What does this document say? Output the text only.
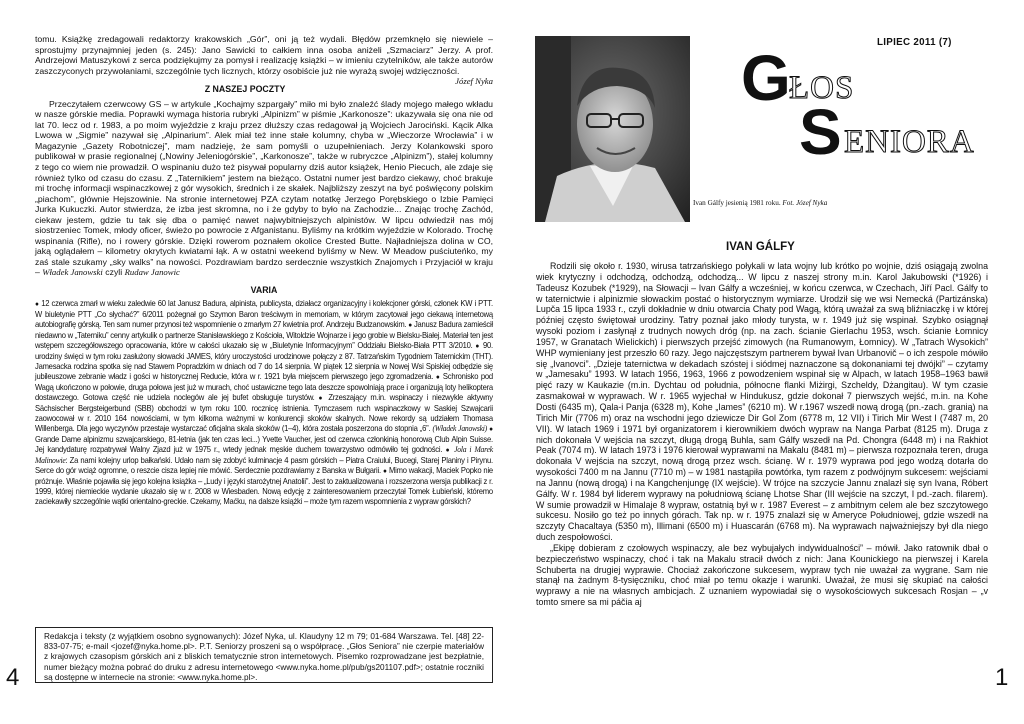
tomu. Książkę zredagowali redaktorzy krakowskich „Gór”, oni ją też wydali. Błędów przemknęło się niewiele – sprostujmy przynajmniej jeden (s. 245): Jano Sawicki to całkiem inna osoba aniżeli „Szmaciarz” Jerzy. A prof. Andrzejowi Matuszykowi z serca podziękujmy za pomysł i realizację książki – w imieniu czytelników, ale także autorów zaszczyconych przywołaniami, szczególnie tych licznych, którzy osobiście już nie wyrażą swojej wdzięczności.
Józef Nyka

Z NASZEJ POCZTY

Przeczytałem czerwcowy GS – w artykule „Kochajmy szpargały” miło mi było znaleźć ślady mojego małego wkładu w nasze górskie media. Poprawki wymaga historia rubryki „Alpinizm” w piśmie „Karkonosze”: ukazywała się ona nie od lat 70. lecz od r. 1983, a po moim wyjeździe z kraju przez dłuższy czas redagował ją Wojciech Jarociński. Kącik Alka Lwowa w „Sigmie” nazywał się „Alpinarium”. Alek miał też inne stałe kolumny, chyba w „Wieczorze Wrocławia” i w Magazynie „Gazety Robotniczej”, mam nadzieję, że sam pomyśli o uzupełnieniach. Jerzy Kolankowski sporo publikował w prasie regionalnej („Nowiny Jeleniogórskie”, „Karkonosze”, także w rubryczce „Alpinizm”), stałej kolumny z tego co wiem nie prowadził. O wspinaniu dużo też pisywał popularny dziś autor książek, Henio Piecuch, ale zdaje się również tylko od czasu do czasu. Z „Taternikiem” jestem na bieżąco. Ostatni numer jest bardzo ciekawy, choć brakuje mi trochę informacji wspinaczkowej z gór wysokich, średnich i ze skałek. Najbliższy zeszyt na być poświęcony polskim „piachom”, głównie Hejszowinie. Na stronie internetowej PZA czytam notatkę Jerzego Porębskiego o Izbie Pamięci Jurka Kukuczki. Autor stwierdza, że izba jest skromna, no i że gdyby to było na Zachodzie... Znając trochę Zachód, ciekaw jestem, gdzie tu tak się dba o pamięć nawet najwybitniejszych alpinistów. W lipcu odwiedził nas mój siostrzeniec Tomek, młody oficer, świeżo po powrocie z Afganistanu. Byliśmy na krótkim wyjeździe w Kolorado. Trochę wspinania (Rifle), no i rowery górskie. Dzięki rowerom poznałem okolice Crested Butte. Najładniejsza dolina w CO, jaką oglądałem – kilometry okrytych kwiatami łąk. A w ostatni weekend byliśmy w New. W Meadow puściuteńko, my zaś stale szukamy „sky walks” na nowości. Pozdrawiam bardzo serdecznie wszystkich Znajomych i Przyjaciół w kraju – Władek Janowski czyli Rudaw Janowic

VARIA
● 12 czerwca zmarł w wieku zaledwie 60 lat Janusz Badura, alpinista, publicysta, działacz organizacyjny i kolekcjoner górski, członek KW i PTT. W biuletynie PTT „Co słychać?” 6/2011 pożegnał go Szymon Baron treściwym in memoriam, w którym zacytował jego ciekawą internetową autobiografię górską. Ten sam numer przynosi też wspomnienie o zmarłym 27 kwietnia prof. Andrzeju Budzanowskim. ● Janusz Badura zamieścił niedawno w „Taterniku” cenny artykulik o partnerze Stanisławskiego z Kościoła, Witoldzie Wojnarze i jego grobie w Bielsku-Białej. Materiał ten jest wstępem szczegółowszego opracowania, które w całości ukazało się w „Biuletynie Informacyjnym” Oddziału Bielsko-Biała PTT 3/2010. ● 90. urodziny święci w tym roku zasłużony słowacki JAMES, który uroczystości urodzinowe połączy z 87. Tatrzańskim Tygodniem Taternickim (THT). Jamesacka rodzina spotka się nad Stawem Popradzkim w dniach od 7 do 14 sierpnia. W piątek 12 sierpnia w Nowej Wsi Spiskiej odbędzie się jubileuszowe zebranie władz i gości w historycznej Reducie, która w r. 1921 była miejscem pierwszego jego zgromadzenia. ● Schronisko pod Wagą ukończono w połowie, druga połowa jest już w murach, choć ustawiczne tego lata deszcze spowolniają prace i organizują loty helikoptera dostawczego. Gotowa część nie udziela noclegów ale jej bufet obsługuje turystów. ● Zrzeszający m.in. wspinaczy i niezwykle aktywny Sächsischer Bergsteigerbund (SBB) obchodzi w tym roku 100. rocznicę istnienia. Tymczasem ruch wspinaczkowy w Saskiej Szwajcarii zaowocował w r. 2010 164 nowościami, w tym kilkoma ważnymi w konkurencji skoków skalnych. Nowe rekordy są udziałem Thomasa Willenberga. Dla jego wyczynów przestaje wystarczać oficjalna skala skoków (1–4), która została poszerzona do stopnia „6”. (Władek Janowski) ● Grande Dame alpinizmu szwajcarskiego, 81-letnia (jak ten czas leci...) Yvette Vaucher, jest od czerwca członkinią honorową Club Alpin Suisse. Jej kandydaturę rozpatrywał Walny Zjazd już w 1975 r., wtedy jednak męskie duchem towarzystwo odmówiło tej godności. ● Jola i Marek Malinowie: Za nami kolejny urlop bałkański. Udało nam się zdobyć kulminacje 4 pasm górskich – Piatra Craiului, Bucegi, Starej Planiny i Pirynu. Serce do gór wciąż ogromne, o reszcie cisza lepiej nie mówić. Serdecznie pozdrawiamy z Banska w Bułgarii. ● Mimo wakacji, Maciek Popko nie próżnuje. Właśnie pojawiła się jego kolejna książka – „Ludy i języki starożytnej Anatolii”. Jest to zaktualizowana i rozszerzona wersja publikacji z r. 1999, której niemieckie wydanie ukazało się w r. 2008 w Wiesbaden. Nową edycję z zainteresowaniem przeczytał Tomek Łubieński, któremo zaciekawiły szczególnie wątki orientalno-greckie. Czekamy, Maćku, na dalsze książki – może tym razem wspomnienia z wypraw górskich?
Redakcja i teksty (z wyjątkiem osobno sygnowanych): Józef Nyka, ul. Klaudyny 12 m 79; 01-684 Warszawa. Tel. [48] 22-833-07-75; e-mail <jozef@nyka.home.pl>. P.T. Seniorzy proszeni są o współpracę. „Głos Seniora” nie czerpie materiałów z krajowych czasopism górskich ani z bliskich tematycznie stron internetowych. Pisemko rozprowadzane jest bezpłatnie, numer bieżący można pobrać do druku z adresu internetowego <www.nyka.home.pl/pub/gs201107.pdf>; ostatnie roczniki są dostępne w internecie na stronie: <www.nyka.home.pl>.
4
Ivan Gálfy jesienią 1981 roku. Fot. Józef Nyka
LIPIEC 2011 (7)
G
ŁOS
S ENIORA
IVAN GÁLFY

Rodzili się około r. 1930, wirusa tatrzańskiego połykali w lata wojny lub krótko po wojnie, dziś osiągają zwolna wiek krytyczny i odchodzą, odchodzą, odchodzą... W lipcu z naszej strony m.in. Karol Jakubowski (*1926) i Tadeusz Kozubek (*1929), na Słowacji – Ivan Gálfy a wcześniej, w końcu czerwca, w Czechach, Jiří Pacl. Gálfy to w taternictwie i alpinizmie słowackim postać o historycznym wymiarze. Urodził się we wsi Nemecká (Partizánska) Lupča 15 lipca 1933 r., czyli dokładnie w dniu otwarcia Chaty pod Wagą, którą uważał za swą bliźniaczkę i w której później często świętował urodziny. Tatry poznał jako młody turysta, w r. 1949 już się wspinał. Szybko osiągnął wysoki poziom i zasłynął z trudnych nowych dróg (np. na zach. ścianie Gierlachu 1953, wsch. ścianie Łomnicy 1957, w Granatach Wielickich) i pierwszych przejść zimowych (na Rumanowym, Łomnicy). W „Tatrach Wysokich” WHP wymieniany jest przeszło 60 razy. Jego najczęstszym partnerem bywał Ivan Urbanovič – o ich zespole mówiło się „Ivanovci”. „Dzieje taternictwa w dekadach szóstej i siódmej naznaczone są dokonaniami tej dwójki” – czytamy w „Jamesaku” 1993. W latach 1956, 1963, 1966 z powodzeniem wspinał się w Alpach, w latach 1958–1963 bawił pięć razy w Kaukazie (m.in. Dychtau od południa, północne flanki Miżirgi, Szcheldy, Dżangitau). W tym czasie zasmakował w wyprawach. W r. 1965 wyjechał w Hindukusz, gdzie dokonał 7 pierwszych wejść, m.in. na Kohe Dosti (6435 m), Qala-i Panja (6328 m), Kohe „Iames” (6210 m). W r.1967 wszedł nową drogą (pn.-zach. granią) na Tirich Mir (7706 m) oraz na wschodni jego dziewicze Dir Gol Zom (6778 m, 12 VII) i Tirich Mir West I (7487 m, 20 VII). W latach 1969 i 1971 był organizatorem i kierownikiem dwóch wypraw na Nanga Parbat (8125 m). Druga z nich dokonała V wejścia na szczyt, długą drogą Buhla, sam Gálfy wszedł na Pd. Chongra (6448 m) i na Rakhiot Peak (7074 m). W latach 1973 i 1976 kierował wyprawami na Makalu (8481 m) – pierwsza rozpoznała teren, druga dokonała V wejścia na szczyt, nową drogą przez wsch. ścianę. W r. 1979 wyprawa pod jego wodzą dotarła do wysokości 7400 m na Jannu (7710 m) – w 1981 nastąpiła powtórka, tym razem z podwójnym sukcesem: wejściami na Jannu (nową drogą) i na Kangchenjungę (IX wejście). W trójce na szczycie Jannu znalazł się syn Ivana, Róbert Gálfy. W r. 1984 był liderem wyprawy na południową ścianę Lhotse Shar (III wejście na szczyt, I pd.-zach. filarem). W sumie prowadził w Himalaje 8 wypraw, ostatnią był w r. 1987 Everest – z ambitnym celem ale bez szczytowego sukcesu. Nosiło go też po innych górach. Tak np. w r. 1975 znalazł się w Ameryce Południowej, gdzie wszedł na szczyty Chacaltaya (5350 m), Illimani (6500 m) i Huascarán (6768 m). Na wyprawach najważniejszy był dla niego duch zespołowości.

„Ekipę dobieram z czołowych wspinaczy, ale bez wybujałych indywidualności” – mówił. Jako ratownik dbał o bezpieczeństwo wspinaczy, choć i tak na Makalu stracił dwóch z nich: Jana Kounickiego na pierwszej i Karela Schuberta na drugiej wyprawie. Chociaż zakończone sukcesem, wypraw tych nie uważał za wygrane. Sam nie stanął na żadnym 8-tysięczniku, choć miał po temu okazje i warunki. Uważał, że musi się skupiać na całości wyprawy a nie na własnych ambicjach. Z uznaniem wypowiadał się o wysokościowych sukcesach Rosjan – „v tomto smere sa mi páčia aj

1
